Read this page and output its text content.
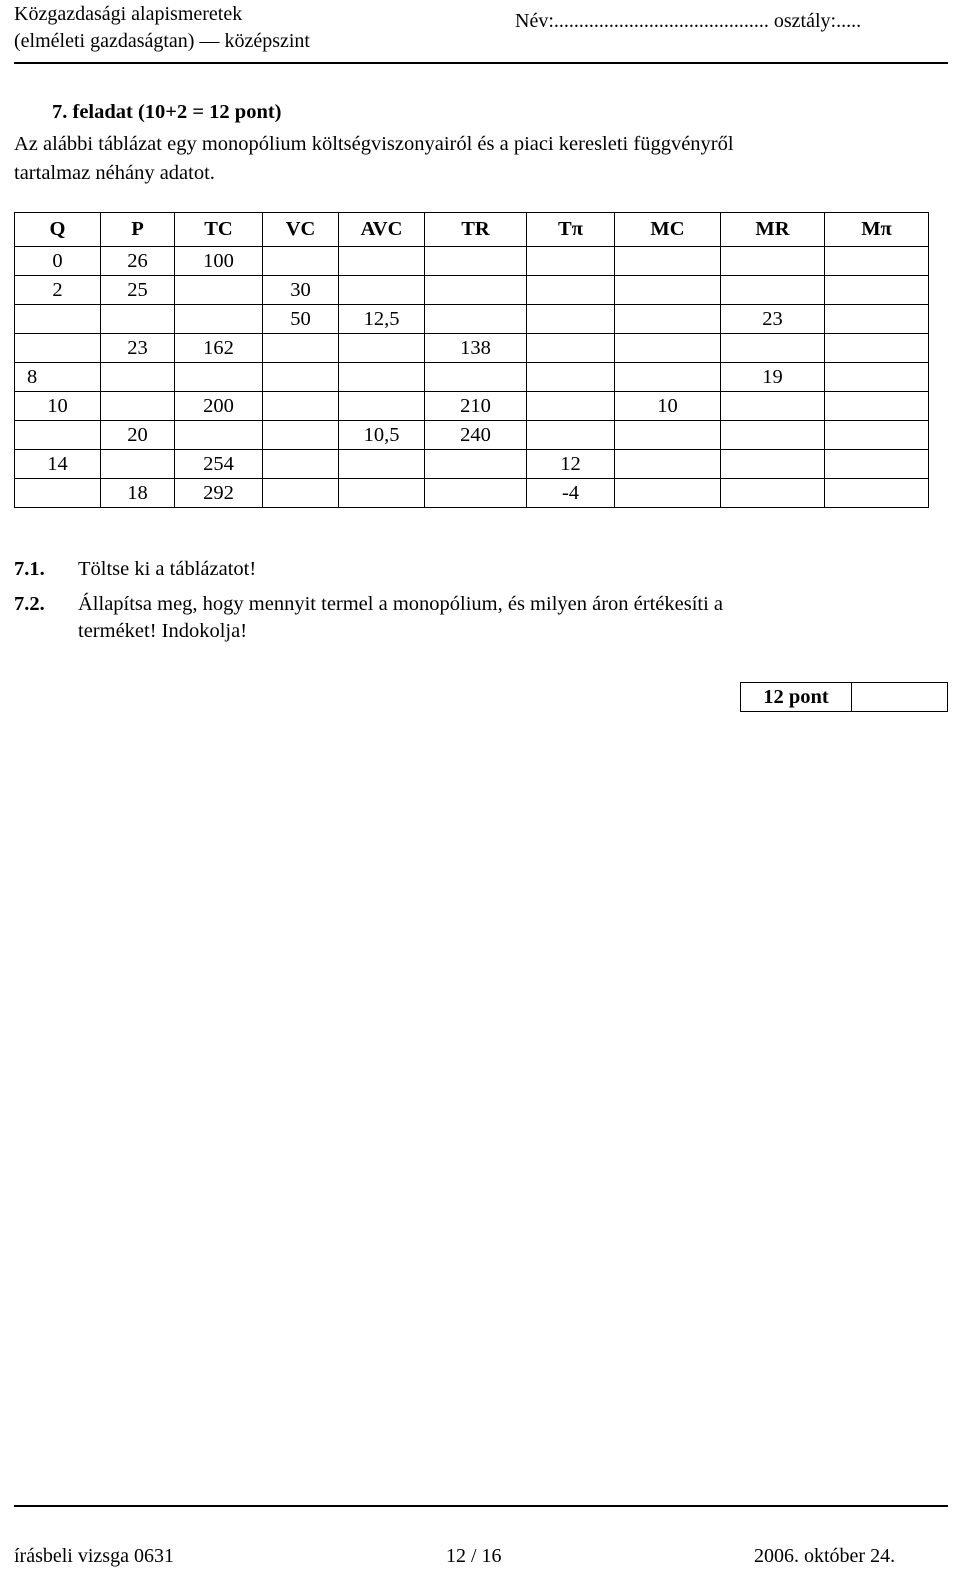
Közgazdasági alapismeretek
(elméleti gazdaságtan) — középszint
Név:........................................... osztály:.....
7. feladat (10+2 = 12 pont)
Az alábbi táblázat egy monopólium költségviszonyairól és a piaci keresleti függvényről
tartalmaz néhány adatot.
Q	P	TC	VC	AVC	TR	Tπ	MC	MR	Mπ
0	26	100							
2	25		30						
			50	12,5				23	
	23	162			138				
8								19	
10		200			210		10		
	20			10,5	240				
14		254				12			
	18	292				-4			
7.1. Töltse ki a táblázatot!
7.2. Állapítsa meg, hogy mennyit termel a monopólium, és milyen áron értékesíti a
terméket! Indokolja!
12 pont
írásbeli vizsga 0631	12 / 16	2006. október 24.
